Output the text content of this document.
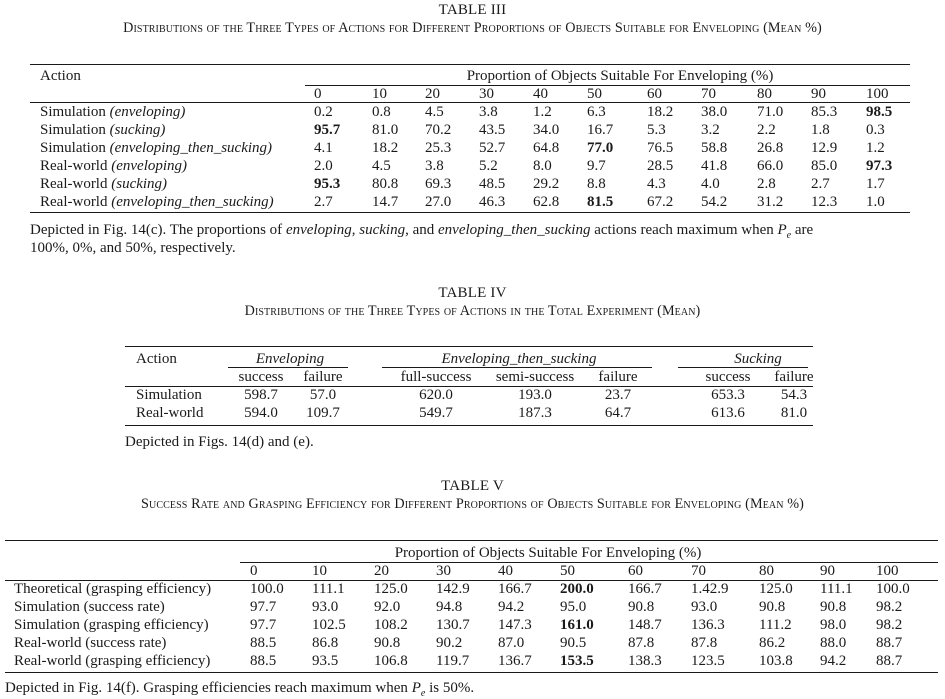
TABLE III
Distributions of the Three Types of Actions for Different Proportions of Objects Suitable for Enveloping (Mean %)
Action	Proportion of Objects Suitable For Enveloping (%)										
	0	10	20	30	40	50	60	70	80	90	100
Simulation (enveloping)	0.2	0.8	4.5	3.8	1.2	6.3	18.2	38.0	71.0	85.3	98.5
Simulation (sucking)	95.7	81.0	70.2	43.5	34.0	16.7	5.3	3.2	2.2	1.8	0.3
Simulation (enveloping_then_sucking)	4.1	18.2	25.3	52.7	64.8	77.0	76.5	58.8	26.8	12.9	1.2
Real-world (enveloping)	2.0	4.5	3.8	5.2	8.0	9.7	28.5	41.8	66.0	85.0	97.3
Real-world (sucking)	95.3	80.8	69.3	48.5	29.2	8.8	4.3	4.0	2.8	2.7	1.7
Real-world (enveloping_then_sucking)	2.7	14.7	27.0	46.3	62.8	81.5	67.2	54.2	31.2	12.3	1.0
Depicted in Fig. 14(c). The proportions of enveloping, sucking, and enveloping_then_sucking actions reach maximum when $P_e$ are
100%, 0%, and 50%, respectively.
TABLE IV
Distributions of the Three Types of Actions in the Total Experiment (Mean)
Action	Enveloping			Enveloping_then_sucking				Sucking	
	success	failure		full-success	semi-success	failure		success	failure
Simulation	598.7	57.0		620.0	193.0	23.7		653.3	54.3
Real-world	594.0	109.7		549.7	187.3	64.7		613.6	81.0
Depicted in Figs. 14(d) and (e).
TABLE V
Success Rate and Grasping Efficiency for Different Proportions of Objects Suitable for Enveloping (Mean %)
	Proportion of Objects Suitable For Enveloping (%)										
	0	10	20	30	40	50	60	70	80	90	100
Theoretical (grasping efficiency)	100.0	111.1	125.0	142.9	166.7	200.0	166.7	1.42.9	125.0	111.1	100.0
Simulation (success rate)	97.7	93.0	92.0	94.8	94.2	95.0	90.8	93.0	90.8	90.8	98.2
Simulation (grasping efficiency)	97.7	102.5	108.2	130.7	147.3	161.0	148.7	136.3	111.2	98.0	98.2
Real-world (success rate)	88.5	86.8	90.8	90.2	87.0	90.5	87.8	87.8	86.2	88.0	88.7
Real-world (grasping efficiency)	88.5	93.5	106.8	119.7	136.7	153.5	138.3	123.5	103.8	94.2	88.7
Depicted in Fig. 14(f). Grasping efficiencies reach maximum when $P_e$ is 50%.
